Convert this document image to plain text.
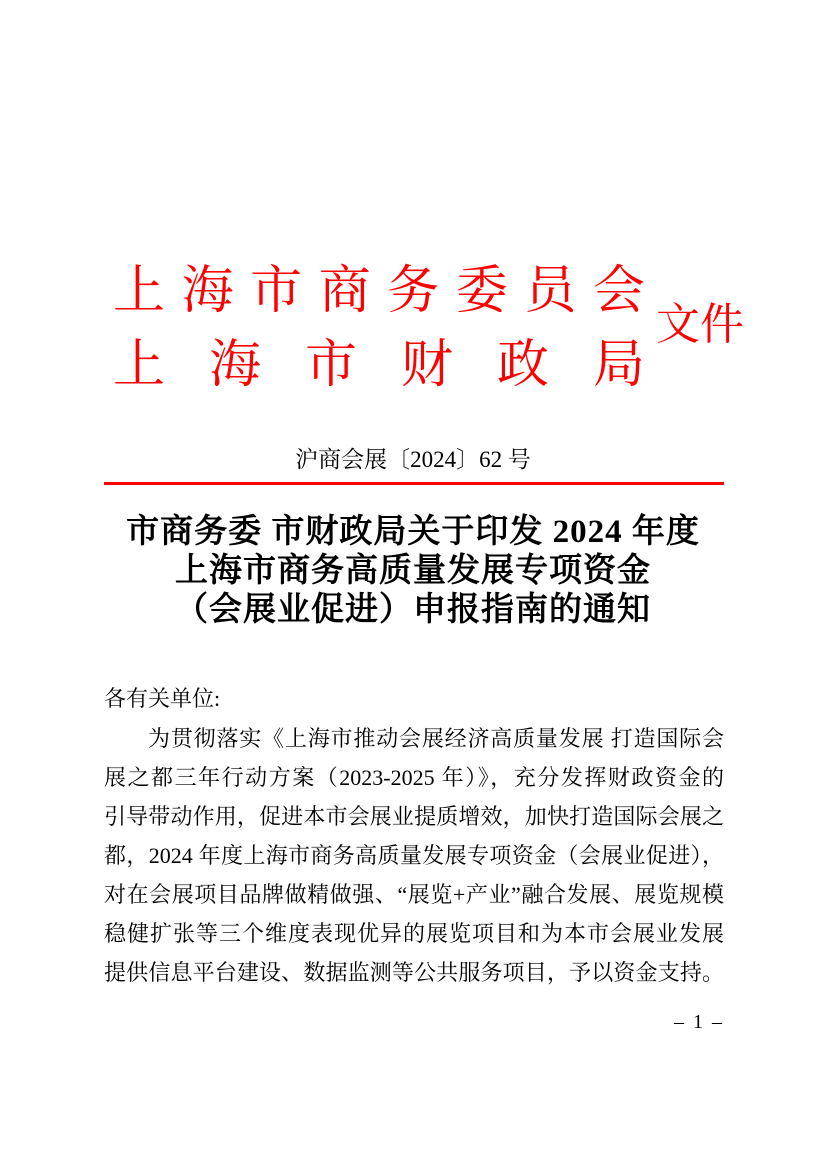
上 海 市 商 务 委 员 会
上 海 市 财 政 局
文件
沪商会展〔2024〕62 号
市商务委 市财政局关于印发 2024 年度
上海市商务高质量发展专项资金
（会展业促进）申报指南的通知
各有关单位:
为贯彻落实《上海市推动会展经济高质量发展 打造国际会
展之都三年行动方案（2023-2025 年）》，充分发挥财政资金的
引导带动作用，促进本市会展业提质增效，加快打造国际会展之
都，2024 年度上海市商务高质量发展专项资金（会展业促进），
对在会展项目品牌做精做强、“展览+产业”融合发展、展览规模
稳健扩张等三个维度表现优异的展览项目和为本市会展业发展
提供信息平台建设、数据监测等公共服务项目，予以资金支持。
– 1 –
